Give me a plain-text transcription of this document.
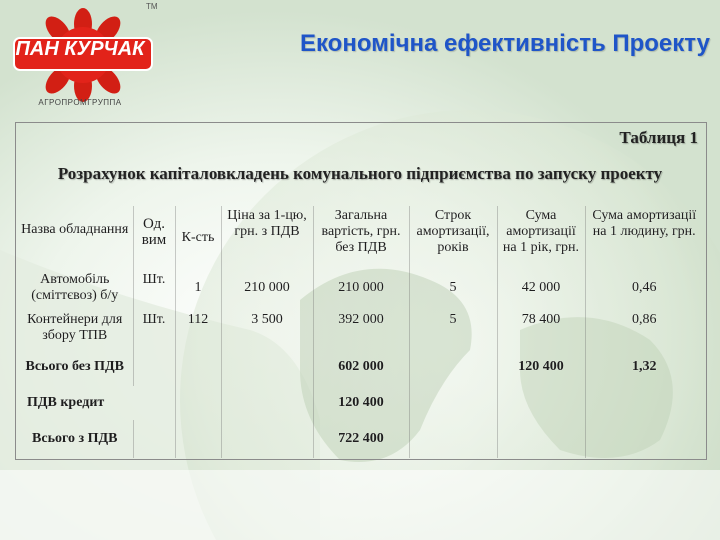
TM
ПАН КУРЧАК
АГРОПРОМГРУППА
Економічна ефективність Проекту
Таблиця 1
Розрахунок капіталовкладень комунального підприємства по запуску проекту
Назва обладнання	Од. вим	К-сть	Ціна за 1-цю, грн. з ПДВ	Загальна вартість, грн. без ПДВ	Строк амортизації, років	Сума амортизації на 1 рік, грн.	Сума амортизації на 1 людину, грн.
Автомобіль (сміттєвоз) б/у	Шт.	1	210 000	210 000	5	42 000	0,46
Контейнери для збору ТПВ	Шт.	112	3 500	392 000	5	78 400	0,86
Всього без ПДВ				602 000		120 400	1,32
ПДВ кредит				120 400			
Всього з ПДВ				722 400			
